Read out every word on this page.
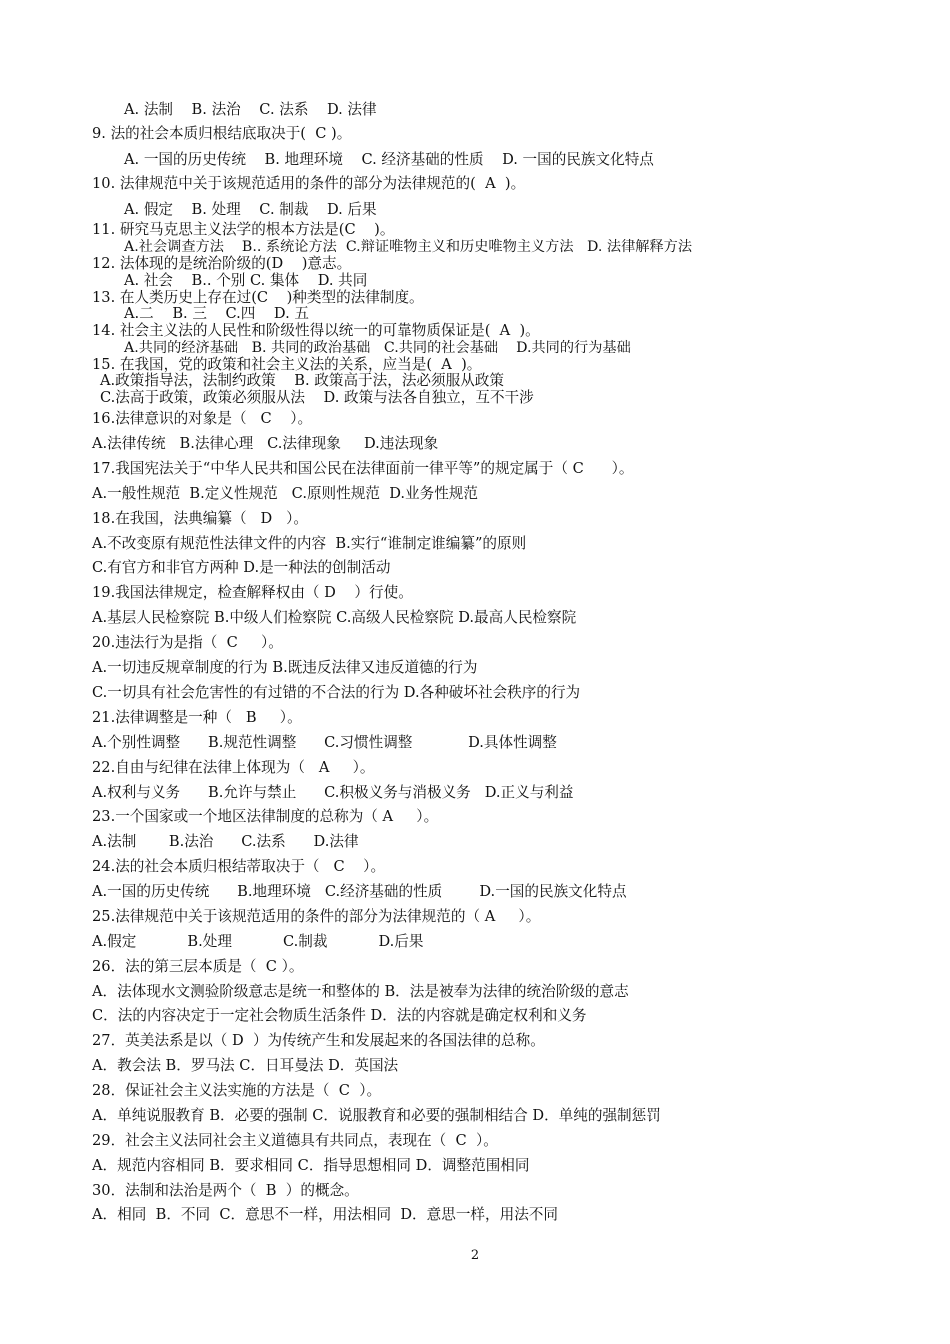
A. 法制    B. 法治    C. 法系    D. 法律
9. 法的社会本质归根结底取决于(  C )。
A. 一国的历史传统    B. 地理环境    C. 经济基础的性质    D. 一国的民族文化特点
10. 法律规范中关于该规范适用的条件的部分为法律规范的(  A  )。
A. 假定    B. 处理    C. 制裁    D. 后果
11. 研究马克思主义法学的根本方法是(C    )。
A.社会调查方法    B.. 系统论方法  C.辩证唯物主义和历史唯物主义方法   D. 法律解释方法
12. 法体现的是统治阶级的(D    )意志。
A. 社会    B.. 个别 C. 集体    D. 共同
13. 在人类历史上存在过(C    )种类型的法律制度。
A.二    B. 三    C.四    D. 五
14. 社会主义法的人民性和阶级性得以统一的可靠物质保证是(  A  )。
A.共同的经济基础   B. 共同的政治基础   C.共同的社会基础    D.共同的行为基础
15. 在我国，党的政策和社会主义法的关系，应当是(  A  )。
A.政策指导法，法制约政策    B. 政策高于法，法必须服从政策
C.法高于政策，政策必须服从法    D. 政策与法各自独立，互不干涉
16.法律意识的对象是（   C    ）。
A.法律传统   B.法律心理   C.法律现象     D.违法现象
17.我国宪法关于“中华人民共和国公民在法律面前一律平等”的规定属于（ C      ）。
A.一般性规范  B.定义性规范   C.原则性规范  D.业务性规范
18.在我国，法典编纂（   D   ）。
A.不改变原有规范性法律文件的内容  B.实行“谁制定谁编纂”的原则
C.有官方和非官方两种 D.是一种法的创制活动
19.我国法律规定，检查解释权由（ D    ）行使。
A.基层人民检察院 B.中级人们检察院 C.高级人民检察院 D.最高人民检察院
20.违法行为是指（  C     ）。
A.一切违反规章制度的行为 B.既违反法律又违反道德的行为
C.一切具有社会危害性的有过错的不合法的行为 D.各种破坏社会秩序的行为
21.法律调整是一种（   B     ）。
A.个别性调整      B.规范性调整      C.习惯性调整            D.具体性调整
22.自由与纪律在法律上体现为（   A     ）。
A.权利与义务      B.允许与禁止      C.积极义务与消极义务   D.正义与利益
23.一个国家或一个地区法律制度的总称为（ A     ）。
A.法制       B.法治      C.法系      D.法律
24.法的社会本质归根结蒂取决于（   C    ）。
A.一国的历史传统      B.地理环境   C.经济基础的性质        D.一国的民族文化特点
25.法律规范中关于该规范适用的条件的部分为法律规范的（ A     ）。
A.假定           B.处理           C.制裁           D.后果
26．法的第三层本质是（  C ）。
A．法体现水文测验阶级意志是统一和整体的 B．法是被奉为法律的统治阶级的意志
C．法的内容决定于一定社会物质生活条件 D．法的内容就是确定权利和义务
27．英美法系是以（ D  ）为传统产生和发展起来的各国法律的总称。
A．教会法 B．罗马法 C．日耳曼法 D．英国法
28．保证社会主义法实施的方法是（  C  ）。
A．单纯说服教育 B．必要的强制 C．说服教育和必要的强制相结合 D．单纯的强制惩罚
29．社会主义法同社会主义道德具有共同点，表现在（  C  ）。
A．规范内容相同 B．要求相同 C．指导思想相同 D．调整范围相同
30．法制和法治是两个（  B  ）的概念。
A．相同  B．不同  C．意思不一样，用法相同  D．意思一样，用法不同
2
